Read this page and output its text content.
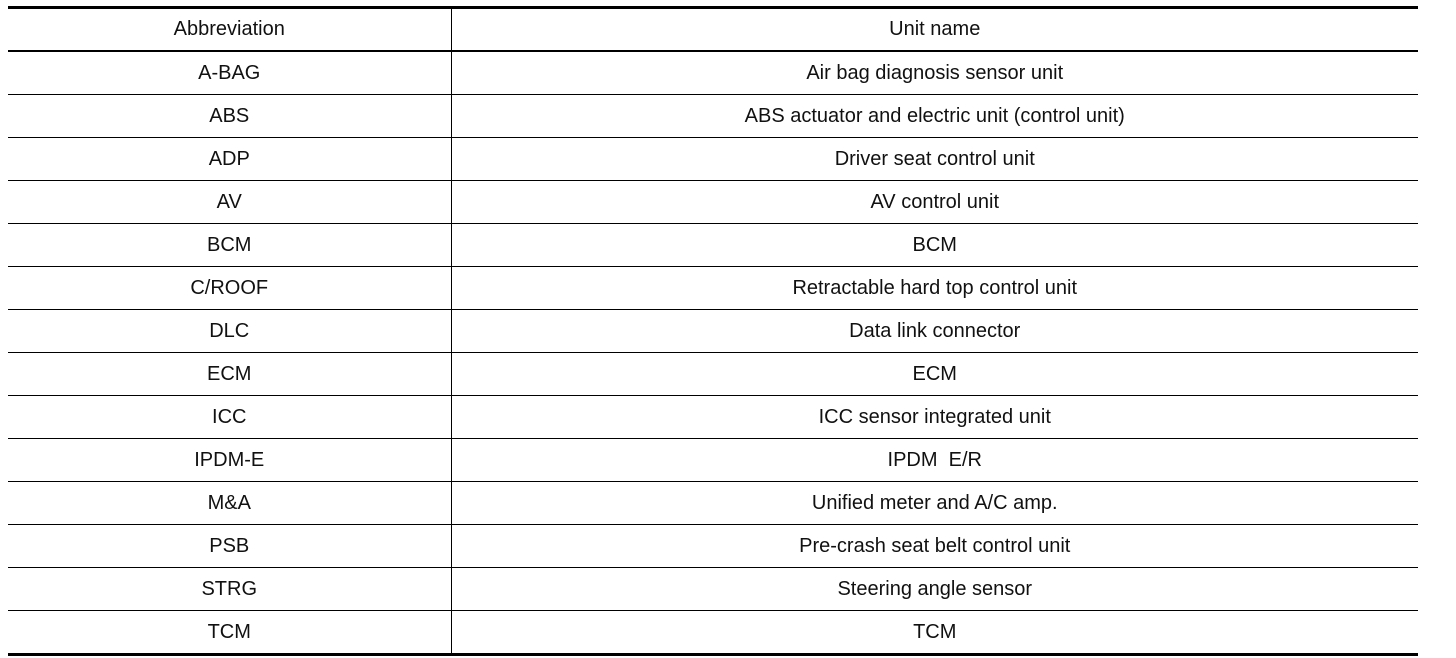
Abbreviation	Unit name
A-BAG	Air bag diagnosis sensor unit
ABS	ABS actuator and electric unit (control unit)
ADP	Driver seat control unit
AV	AV control unit
BCM	BCM
C/ROOF	Retractable hard top control unit
DLC	Data link connector
ECM	ECM
ICC	ICC sensor integrated unit
IPDM-E	IPDM  E/R
M&A	Unified meter and A/C amp.
PSB	Pre-crash seat belt control unit
STRG	Steering angle sensor
TCM	TCM
